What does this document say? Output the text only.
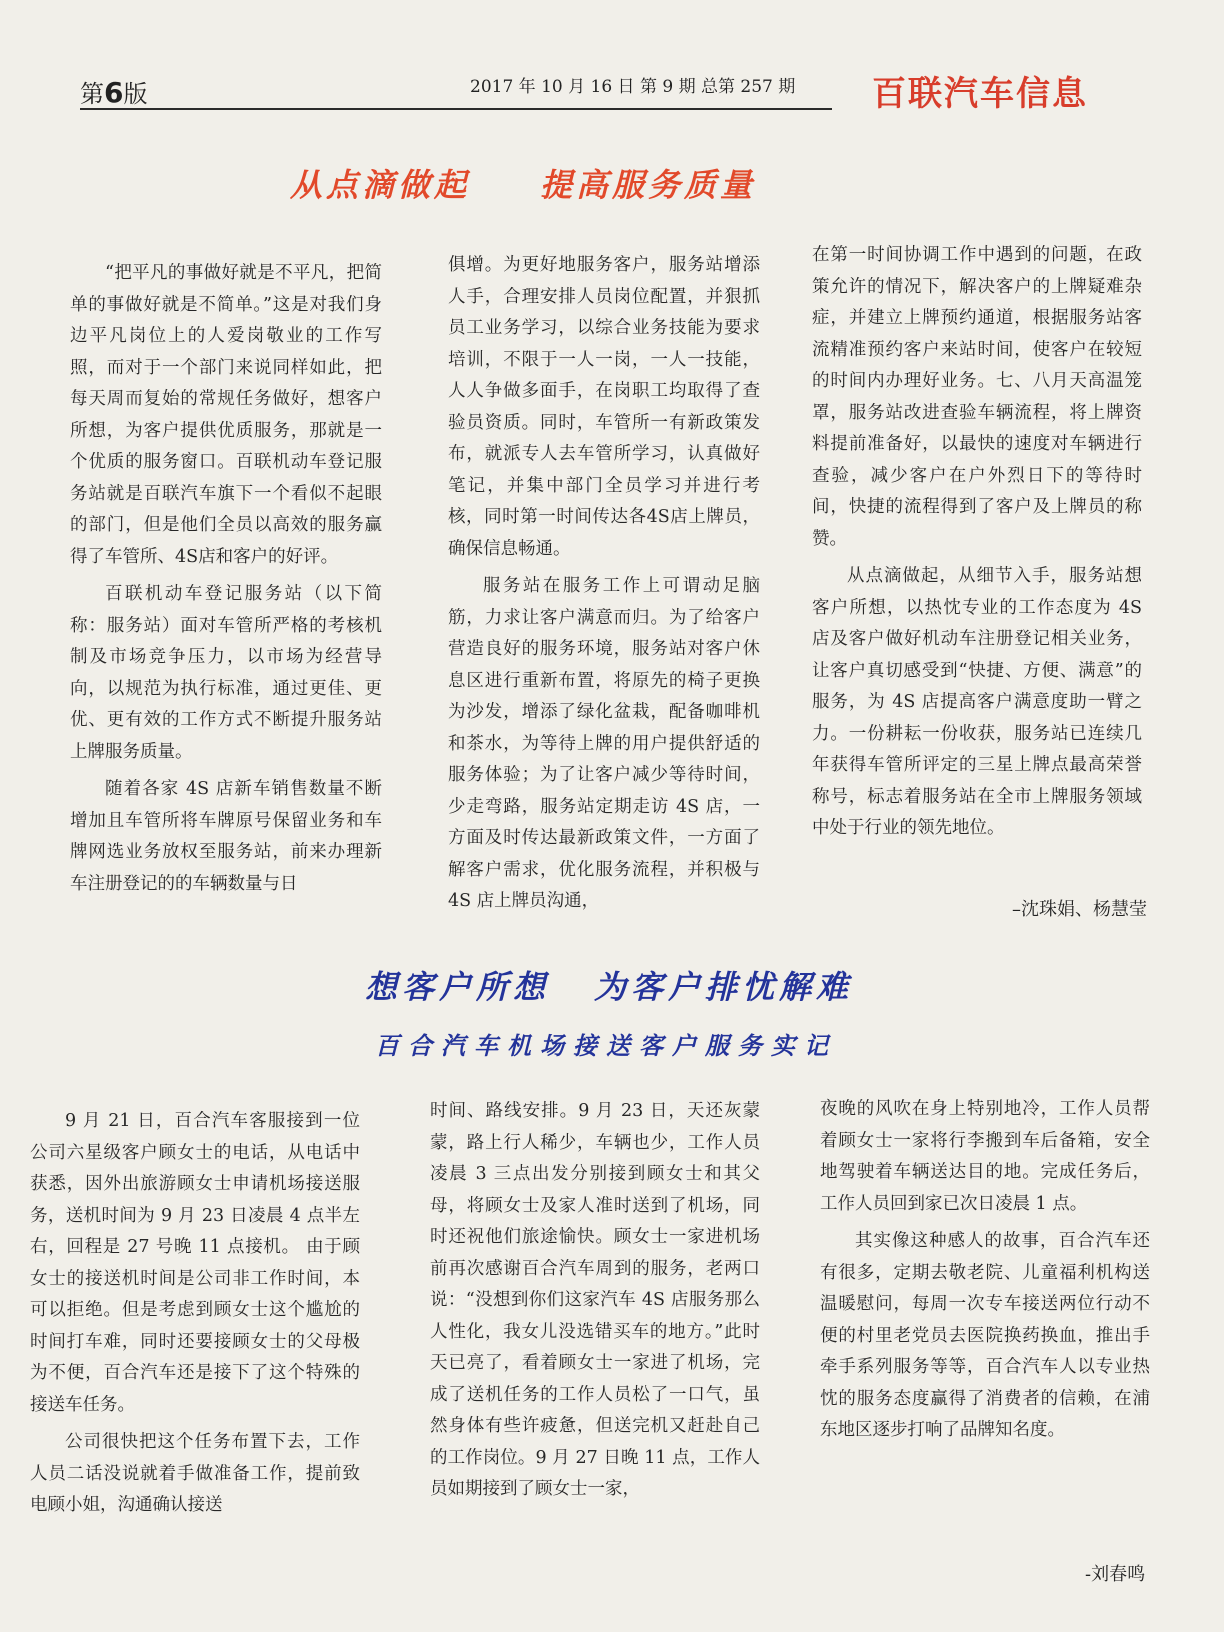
第6版	2017 年 10 月 16 日 第 9 期 总第 257 期 百联汽车信息
从点滴做起 提高服务质量

“把平凡的事做好就是不平凡，把简单的事做好就是不简单。”这是对我们身边平凡岗位上的人爱岗敬业的工作写照，而对于一个部门来说同样如此，把每天周而复始的常规任务做好，想客户所想，为客户提供优质服务，那就是一个优质的服务窗口。百联机动车登记服务站就是百联汽车旗下一个看似不起眼的部门，但是他们全员以高效的服务赢得了车管所、4S店和客户的好评。

百联机动车登记服务站（以下简称：服务站）面对车管所严格的考核机制及市场竞争压力，以市场为经营导向，以规范为执行标准，通过更佳、更优、更有效的工作方式不断提升服务站上牌服务质量。

随着各家 4S 店新车销售数量不断增加且车管所将车牌原号保留业务和车牌网选业务放权至服务站，前来办理新车注册登记的的车辆数量与日

俱增。为更好地服务客户，服务站增添人手，合理安排人员岗位配置，并狠抓员工业务学习，以综合业务技能为要求培训，不限于一人一岗，一人一技能，人人争做多面手，在岗职工均取得了查验员资质。同时，车管所一有新政策发布，就派专人去车管所学习，认真做好笔记，并集中部门全员学习并进行考核，同时第一时间传达各4S店上牌员，确保信息畅通。

服务站在服务工作上可谓动足脑筋，力求让客户满意而归。为了给客户营造良好的服务环境，服务站对客户休息区进行重新布置，将原先的椅子更换为沙发，增添了绿化盆栽，配备咖啡机和茶水，为等待上牌的用户提供舒适的服务体验；为了让客户减少等待时间，少走弯路，服务站定期走访 4S 店，一方面及时传达最新政策文件，一方面了解客户需求，优化服务流程，并积极与 4S 店上牌员沟通，

在第一时间协调工作中遇到的问题，在政策允许的情况下，解决客户的上牌疑难杂症，并建立上牌预约通道，根据服务站客流精准预约客户来站时间，使客户在较短的时间内办理好业务。七、八月天高温笼罩，服务站改进查验车辆流程，将上牌资料提前准备好，以最快的速度对车辆进行查验，减少客户在户外烈日下的等待时间，快捷的流程得到了客户及上牌员的称赞。

从点滴做起，从细节入手，服务站想客户所想，以热忱专业的工作态度为 4S 店及客户做好机动车注册登记相关业务，让客户真切感受到“快捷、方便、满意”的服务，为 4S 店提高客户满意度助一臂之力。一份耕耘一份收获，服务站已连续几年获得车管所评定的三星上牌点最高荣誉称号，标志着服务站在全市上牌服务领域中处于行业的领先地位。

–沈珠娟、杨慧莹
想客户所想 为客户排忧解难
百合汽车机场接送客户服务实记

9 月 21 日，百合汽车客服接到一位公司六星级客户顾女士的电话，从电话中获悉，因外出旅游顾女士申请机场接送服务，送机时间为 9 月 23 日凌晨 4 点半左右，回程是 27 号晚 11 点接机。 由于顾女士的接送机时间是公司非工作时间，本可以拒绝。但是考虑到顾女士这个尴尬的时间打车难，同时还要接顾女士的父母极为不便，百合汽车还是接下了这个特殊的接送车任务。

公司很快把这个任务布置下去，工作人员二话没说就着手做准备工作，提前致电顾小姐，沟通确认接送

时间、路线安排。9 月 23 日，天还灰蒙蒙，路上行人稀少，车辆也少，工作人员凌晨 3 三点出发分别接到顾女士和其父母，将顾女士及家人准时送到了机场，同时还祝他们旅途愉快。顾女士一家进机场前再次感谢百合汽车周到的服务，老两口说：“没想到你们这家汽车 4S 店服务那么人性化，我女儿没选错买车的地方。”此时天已亮了，看着顾女士一家进了机场，完成了送机任务的工作人员松了一口气，虽然身体有些许疲惫，但送完机又赶赴自己的工作岗位。9 月 27 日晚 11 点，工作人员如期接到了顾女士一家，

夜晚的风吹在身上特别地冷，工作人员帮着顾女士一家将行李搬到车后备箱，安全地驾驶着车辆送达目的地。完成任务后，工作人员回到家已次日凌晨 1 点。

其实像这种感人的故事，百合汽车还有很多，定期去敬老院、儿童福利机构送温暖慰问，每周一次专车接送两位行动不便的村里老党员去医院换药换血，推出手牵手系列服务等等，百合汽车人以专业热忱的服务态度赢得了消费者的信赖，在浦东地区逐步打响了品牌知名度。

-刘春鸣
